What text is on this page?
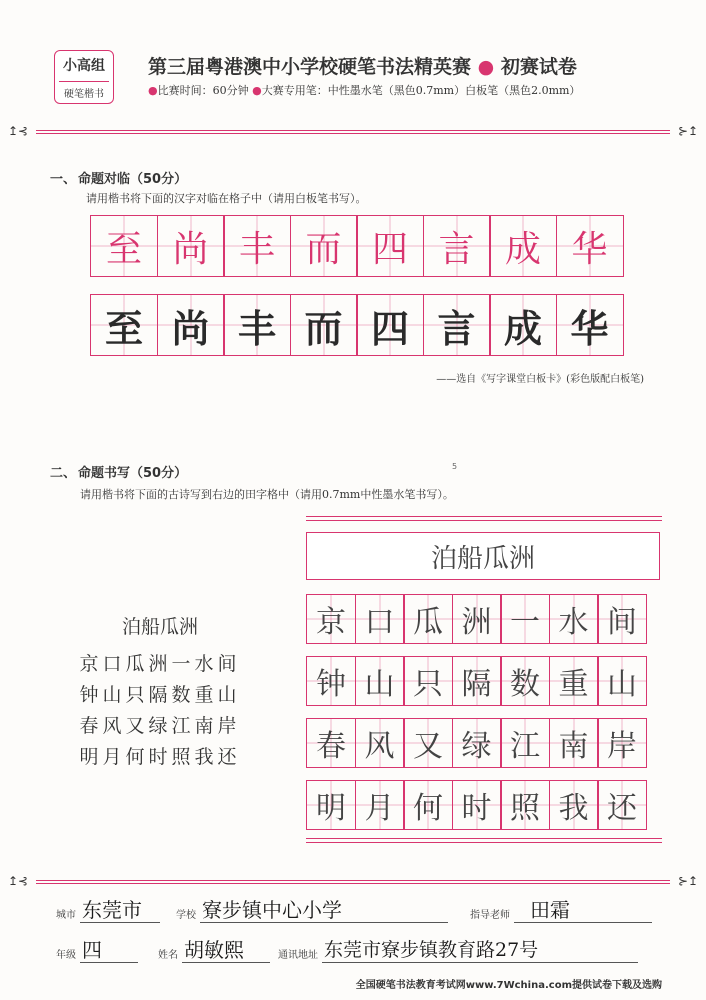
小高组
硬笔楷书
第三届粤港澳中小学校硬笔书法精英赛 ● 初赛试卷
●比赛时间：60分钟 ●大赛专用笔：中性墨水笔（黑色0.7mm）白板笔（黑色2.0mm）
↥⊰	⊱↥
一、 命题对临（50分）
请用楷书将下面的汉字对临在格子中（请用白板笔书写）。
至 尚 丰 而 四 言 成 华
至 尚 丰 而 四 言 成 华
——选自《写字课堂白板卡》(彩色版配白板笔)
5
二、 命题书写（50分）
请用楷书将下面的古诗写到右边的田字格中（请用0.7mm中性墨水笔书写）。
泊船瓜洲
京口瓜洲一水间
钟山只隔数重山
春风又绿江南岸
明月何时照我还
泊船瓜洲
京 口 瓜 洲 一 水 间
钟 山 只 隔 数 重 山
春 风 又 绿 江 南 岸
明 月 何 时 照 我 还
↥⊰	⊱↥
城市 东莞市	学校 寮步镇中心小学	指导老师	田霜
年级 四	姓名 胡敏熙	通讯地址 东莞市寮步镇教育路27号
全国硬笔书法教育考试网www.7Wchina.com提供试卷下载及选购
